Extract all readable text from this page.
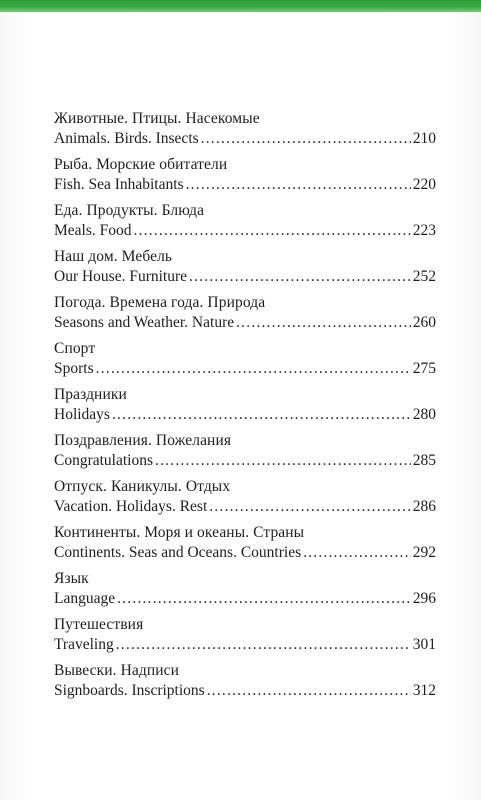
Животные. Птицы. Насекомые
Animals. Birds. Insects .....	210
Рыба. Морские обитатели
Fish. Sea Inhabitants .....	220
Еда. Продукты. Блюда
Meals. Food .....	223
Наш дом. Мебель
Our House. Furniture .....	252
Погода. Времена года. Природа
Seasons and Weather. Nature .....	260
Спорт
Sports .....	275
Праздники
Holidays .....	280
Поздравления. Пожелания
Congratulations .....	285
Отпуск. Каникулы. Отдых
Vacation. Holidays. Rest .....	286
Континенты. Моря и океаны. Страны
Continents. Seas and Oceans. Countries .....	292
Язык
Language .....	296
Путешествия
Traveling .....	301
Вывески. Надписи
Signboards. Inscriptions .....	312
